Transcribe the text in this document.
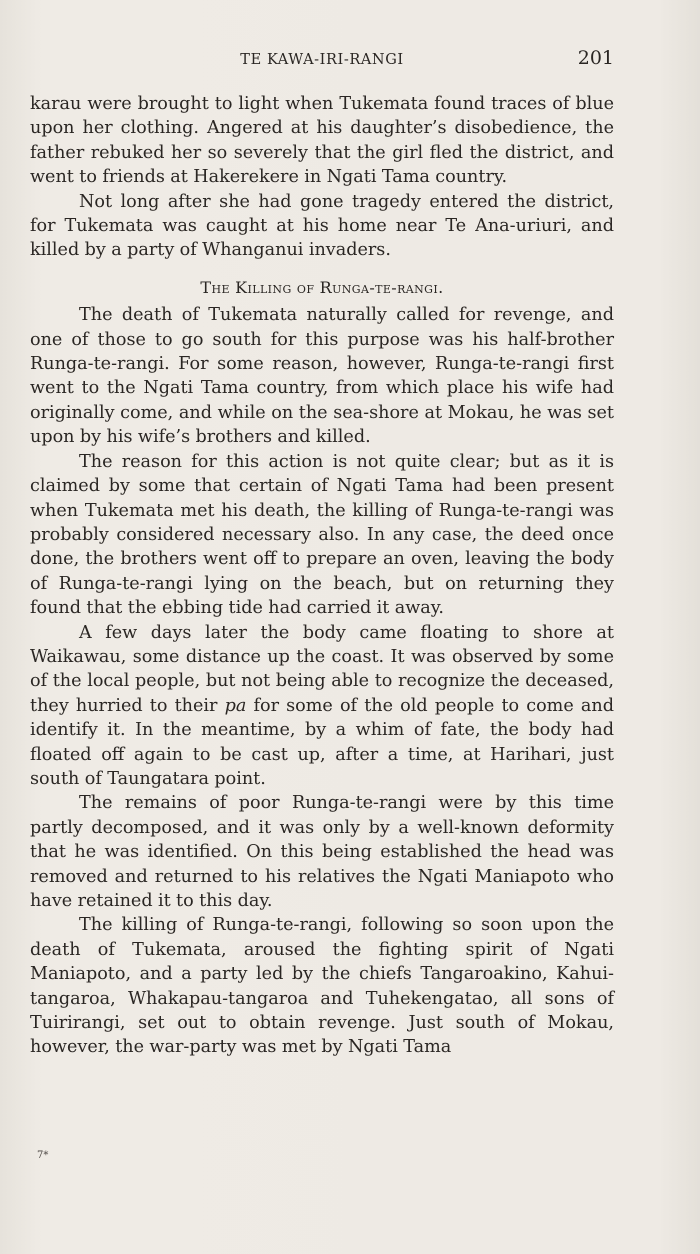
TE KAWA-IRI-RANGI	201

karau were brought to light when Tukemata found traces of blue upon her clothing. Angered at his daughter’s disobedience, the father rebuked her so severely that the girl fled the district, and went to friends at Hakerekere in Ngati Tama country.

Not long after she had gone tragedy entered the district, for Tukemata was caught at his home near Te Ana-uriuri, and killed by a party of Whanganui invaders.

The Killing of Runga-te-rangi.

The death of Tukemata naturally called for revenge, and one of those to go south for this purpose was his half-brother Runga-te-rangi. For some reason, however, Runga-te-rangi first went to the Ngati Tama country, from which place his wife had originally come, and while on the sea-shore at Mokau, he was set upon by his wife’s brothers and killed.

The reason for this action is not quite clear; but as it is claimed by some that certain of Ngati Tama had been present when Tukemata met his death, the killing of Runga-te-rangi was probably considered necessary also. In any case, the deed once done, the brothers went off to prepare an oven, leaving the body of Runga-te-rangi lying on the beach, but on returning they found that the ebbing tide had carried it away.

A few days later the body came floating to shore at Waikawau, some distance up the coast. It was observed by some of the local people, but not being able to recognize the deceased, they hurried to their pa for some of the old people to come and identify it. In the meantime, by a whim of fate, the body had floated off again to be cast up, after a time, at Harihari, just south of Taungatara point.

The remains of poor Runga-te-rangi were by this time partly decomposed, and it was only by a well-known deformity that he was identified. On this being established the head was removed and returned to his relatives the Ngati Maniapoto who have retained it to this day.

The killing of Runga-te-rangi, following so soon upon the death of Tukemata, aroused the fighting spirit of Ngati Maniapoto, and a party led by the chiefs Tangaroakino, Kahui-tangaroa, Whakapau-tangaroa and Tuhekengatao, all sons of Tuirirangi, set out to obtain revenge. Just south of Mokau, however, the war-party was met by Ngati Tama

7*
